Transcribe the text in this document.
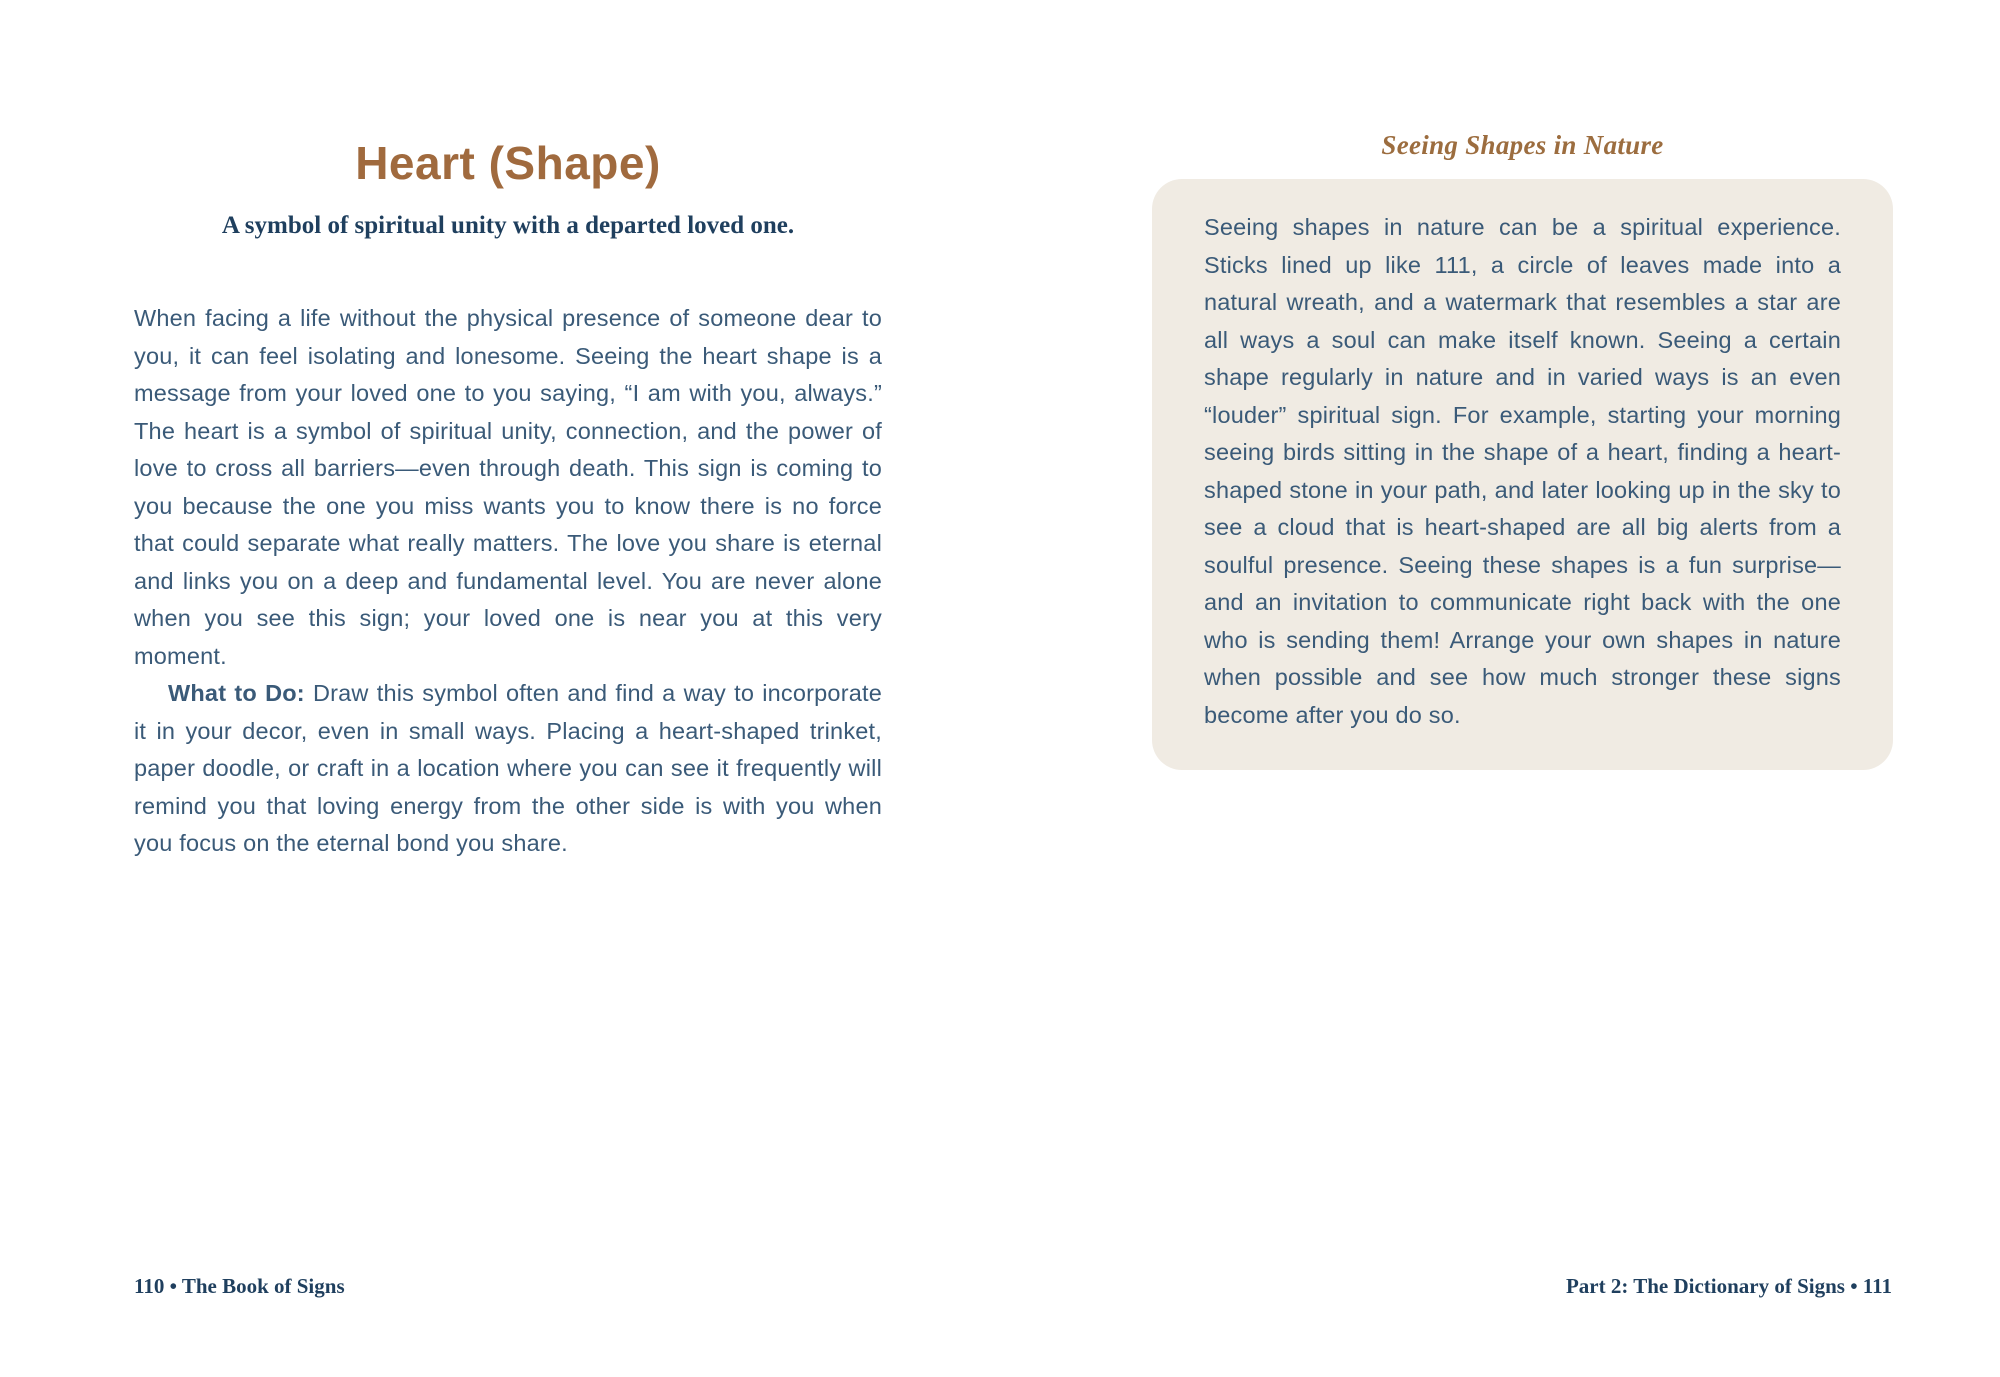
Heart (Shape)
A symbol of spiritual unity with a departed loved one.

When facing a life without the physical presence of someone dear to you, it can feel isolating and lonesome. Seeing the heart shape is a message from your loved one to you saying, “I am with you, always.” The heart is a symbol of spiritual unity, connection, and the power of love to cross all barriers—even through death. This sign is coming to you because the one you miss wants you to know there is no force that could separate what really matters. The love you share is eternal and links you on a deep and fundamental level. You are never alone when you see this sign; your loved one is near you at this very moment.

What to Do: Draw this symbol often and find a way to incorporate it in your decor, even in small ways. Placing a heart-shaped trinket, paper doodle, or craft in a location where you can see it frequently will remind you that loving energy from the other side is with you when you focus on the eternal bond you share.

Seeing Shapes in Nature

Seeing shapes in nature can be a spiritual experience. Sticks lined up like 111, a circle of leaves made into a natural wreath, and a watermark that resembles a star are all ways a soul can make itself known. Seeing a certain shape regularly in nature and in varied ways is an even “louder” spiritual sign. For example, starting your morning seeing birds sitting in the shape of a heart, finding a heart-shaped stone in your path, and later looking up in the sky to see a cloud that is heart-shaped are all big alerts from a soulful presence. Seeing these shapes is a fun surprise—and an invitation to communicate right back with the one who is sending them! Arrange your own shapes in nature when possible and see how much stronger these signs become after you do so.

110 • The Book of Signs	Part 2: The Dictionary of Signs • 111
